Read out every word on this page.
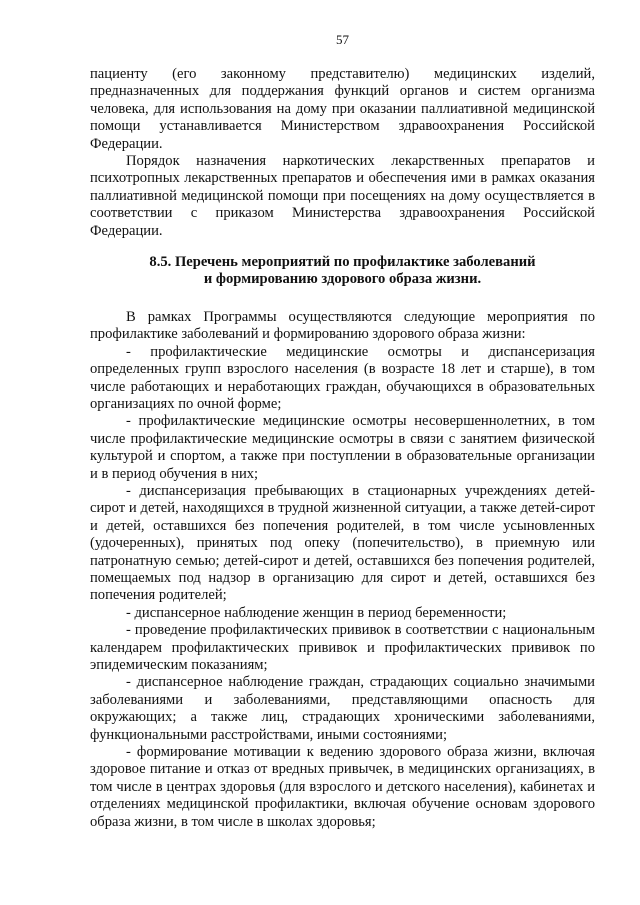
57

пациенту (его законному представителю) медицинских изделий, предназначенных для поддержания функций органов и систем организма человека, для использования на дому при оказании паллиативной медицинской помощи устанавливается Министерством здравоохранения Российской Федерации.

Порядок назначения наркотических лекарственных препаратов и психотропных лекарственных препаратов и обеспечения ими в рамках оказания паллиативной медицинской помощи при посещениях на дому осуществляется в соответствии с приказом Министерства здравоохранения Российской Федерации.

8.5. Перечень мероприятий по профилактике заболеваний
и формированию здорового образа жизни.

В рамках Программы осуществляются следующие мероприятия по профилактике заболеваний и формированию здорового образа жизни:

- профилактические медицинские осмотры и диспансеризация определенных групп взрослого населения (в возрасте 18 лет и старше), в том числе работающих и неработающих граждан, обучающихся в образовательных организациях по очной форме;

- профилактические медицинские осмотры несовершеннолетних, в том числе профилактические медицинские осмотры в связи с занятием физической культурой и спортом, а также при поступлении в образовательные организации и в период обучения в них;

- диспансеризация пребывающих в стационарных учреждениях детей-сирот и детей, находящихся в трудной жизненной ситуации, а также детей-сирот и детей, оставшихся без попечения родителей, в том числе усыновленных (удочеренных), принятых под опеку (попечительство), в приемную или патронатную семью; детей-сирот и детей, оставшихся без попечения родителей, помещаемых под надзор в организацию для сирот и детей, оставшихся без попечения родителей;

- диспансерное наблюдение женщин в период беременности;

- проведение профилактических прививок в соответствии с национальным календарем профилактических прививок и профилактических прививок по эпидемическим показаниям;

- диспансерное наблюдение граждан, страдающих социально значимыми заболеваниями и заболеваниями, представляющими опасность для окружающих; а также лиц, страдающих хроническими заболеваниями, функциональными расстройствами, иными состояниями;

- формирование мотивации к ведению здорового образа жизни, включая здоровое питание и отказ от вредных привычек, в медицинских организациях, в том числе в центрах здоровья (для взрослого и детского населения), кабинетах и отделениях медицинской профилактики, включая обучение основам здорового образа жизни, в том числе в школах здоровья;
